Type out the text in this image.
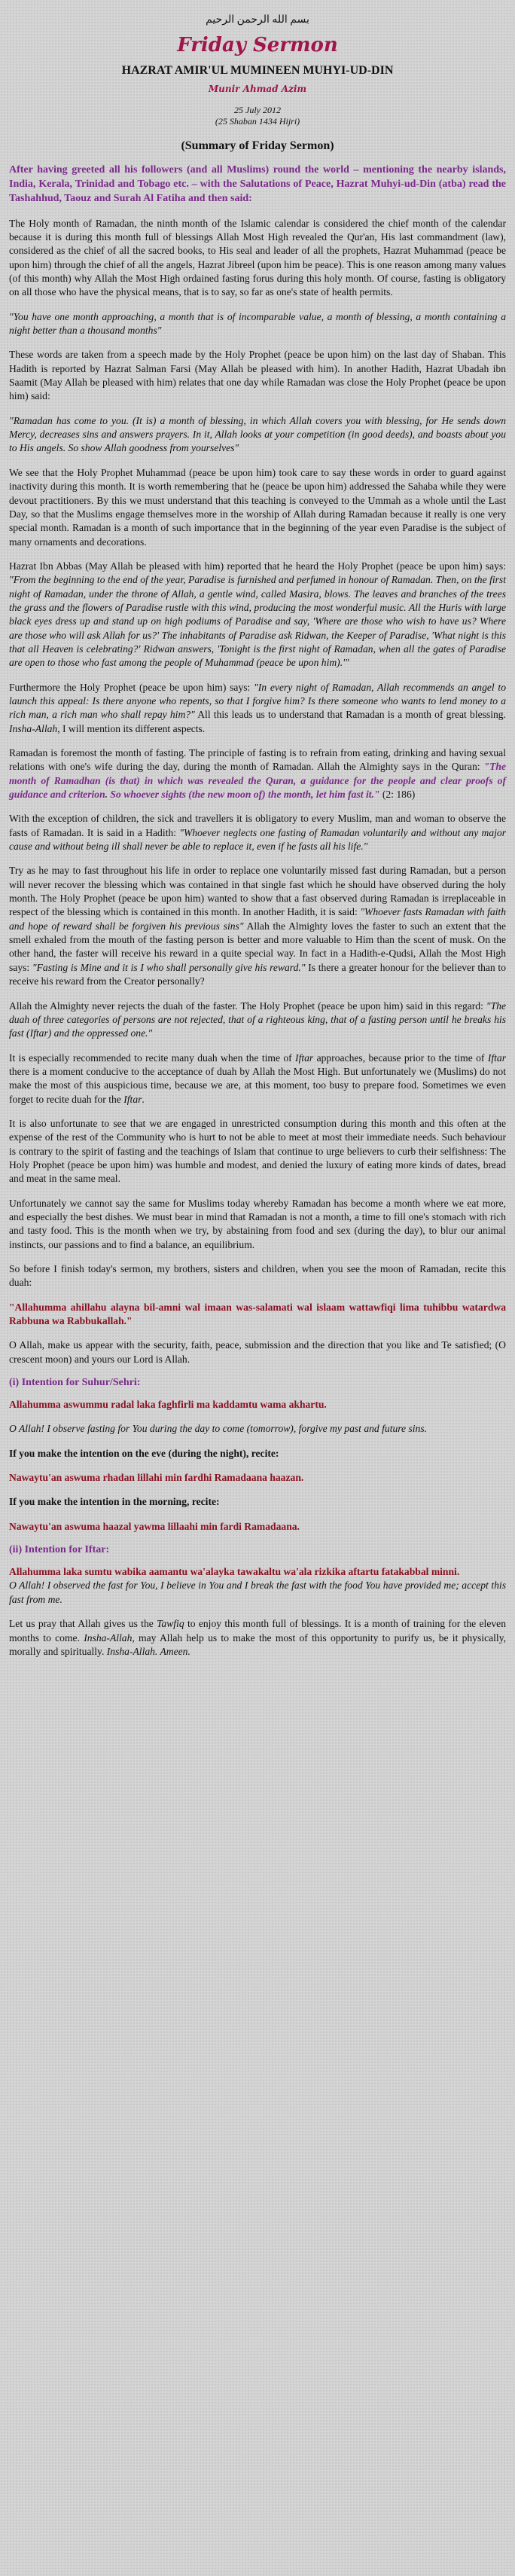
بسم الله الرحمن الرحيم
Friday Sermon
HAZRAT AMIR'UL MUMINEEN MUHYI-UD-DIN
Munir Ahmad Azim
25 July 2012
(25 Shaban 1434 Hijri)
(Summary of Friday Sermon)

After having greeted all his followers (and all Muslims) round the world – mentioning the nearby islands, India, Kerala, Trinidad and Tobago etc. – with the Salutations of Peace, Hazrat Muhyi-ud-Din (atba) read the Tashahhud, Taouz and Surah Al Fatiha and then said:

The Holy month of Ramadan, the ninth month of the Islamic calendar is considered the chief month of the calendar because it is during this month full of blessings Allah Most High revealed the Qur'an, His last commandment (law), considered as the chief of all the sacred books, to His seal and leader of all the prophets, Hazrat Muhammad (peace be upon him) through the chief of all the angels, Hazrat Jibreel (upon him be peace). This is one reason among many values (of this month) why Allah the Most High ordained fasting forus during this holy month. Of course, fasting is obligatory on all those who have the physical means, that is to say, so far as one's state of health permits.

"You have one month approaching, a month that is of incomparable value, a month of blessing, a month containing a night better than a thousand months"

These words are taken from a speech made by the Holy Prophet (peace be upon him) on the last day of Shaban. This Hadith is reported by Hazrat Salman Farsi (May Allah be pleased with him). In another Hadith, Hazrat Ubadah ibn Saamit (May Allah be pleased with him) relates that one day while Ramadan was close the Holy Prophet (peace be upon him) said:

"Ramadan has come to you. (It is) a month of blessing, in which Allah covers you with blessing, for He sends down Mercy, decreases sins and answers prayers. In it, Allah looks at your competition (in good deeds), and boasts about you to His angels. So show Allah goodness from yourselves"

We see that the Holy Prophet Muhammad (peace be upon him) took care to say these words in order to guard against inactivity during this month. It is worth remembering that he (peace be upon him) addressed the Sahaba while they were devout practitioners. By this we must understand that this teaching is conveyed to the Ummah as a whole until the Last Day, so that the Muslims engage themselves more in the worship of Allah during Ramadan because it really is one very special month. Ramadan is a month of such importance that in the beginning of the year even Paradise is the subject of many ornaments and decorations.

Hazrat Ibn Abbas (May Allah be pleased with him) reported that he heard the Holy Prophet (peace be upon him) says: "From the beginning to the end of the year, Paradise is furnished and perfumed in honour of Ramadan. Then, on the first night of Ramadan, under the throne of Allah, a gentle wind, called Masira, blows. The leaves and branches of the trees the grass and the flowers of Paradise rustle with this wind, producing the most wonderful music. All the Huris with large black eyes dress up and stand up on high podiums of Paradise and say, 'Where are those who wish to have us? Where are those who will ask Allah for us?' The inhabitants of Paradise ask Ridwan, the Keeper of Paradise, 'What night is this that all Heaven is celebrating?' Ridwan answers, 'Tonight is the first night of Ramadan, when all the gates of Paradise are open to those who fast among the people of Muhammad (peace be upon him).'"

Furthermore the Holy Prophet (peace be upon him) says: "In every night of Ramadan, Allah recommends an angel to launch this appeal: Is there anyone who repents, so that I forgive him? Is there someone who wants to lend money to a rich man, a rich man who shall repay him?" All this leads us to understand that Ramadan is a month of great blessing. Insha-Allah, I will mention its different aspects.

Ramadan is foremost the month of fasting. The principle of fasting is to refrain from eating, drinking and having sexual relations with one's wife during the day, during the month of Ramadan. Allah the Almighty says in the Quran: "The month of Ramadhan (is that) in which was revealed the Quran, a guidance for the people and clear proofs of guidance and criterion. So whoever sights (the new moon of) the month, let him fast it." (2: 186)

With the exception of children, the sick and travellers it is obligatory to every Muslim, man and woman to observe the fasts of Ramadan. It is said in a Hadith: "Whoever neglects one fasting of Ramadan voluntarily and without any major cause and without being ill shall never be able to replace it, even if he fasts all his life."

Try as he may to fast throughout his life in order to replace one voluntarily missed fast during Ramadan, but a person will never recover the blessing which was contained in that single fast which he should have observed during the holy month. The Holy Prophet (peace be upon him) wanted to show that a fast observed during Ramadan is irreplaceable in respect of the blessing which is contained in this month. In another Hadith, it is said: "Whoever fasts Ramadan with faith and hope of reward shall be forgiven his previous sins" Allah the Almighty loves the faster to such an extent that the smell exhaled from the mouth of the fasting person is better and more valuable to Him than the scent of musk. On the other hand, the faster will receive his reward in a quite special way. In fact in a Hadith-e-Qudsi, Allah the Most High says: "Fasting is Mine and it is I who shall personally give his reward." Is there a greater honour for the believer than to receive his reward from the Creator personally?

Allah the Almighty never rejects the duah of the faster. The Holy Prophet (peace be upon him) said in this regard: "The duah of three categories of persons are not rejected, that of a righteous king, that of a fasting person until he breaks his fast (Iftar) and the oppressed one."

It is especially recommended to recite many duah when the time of Iftar approaches, because prior to the time of Iftar there is a moment conducive to the acceptance of duah by Allah the Most High. But unfortunately we (Muslims) do not make the most of this auspicious time, because we are, at this moment, too busy to prepare food. Sometimes we even forget to recite duah for the Iftar.

It is also unfortunate to see that we are engaged in unrestricted consumption during this month and this often at the expense of the rest of the Community who is hurt to not be able to meet at most their immediate needs. Such behaviour is contrary to the spirit of fasting and the teachings of Islam that continue to urge believers to curb their selfishness: The Holy Prophet (peace be upon him) was humble and modest, and denied the luxury of eating more kinds of dates, bread and meat in the same meal.

Unfortunately we cannot say the same for Muslims today whereby Ramadan has become a month where we eat more, and especially the best dishes. We must bear in mind that Ramadan is not a month, a time to fill one's stomach with rich and tasty food. This is the month when we try, by abstaining from food and sex (during the day), to blur our animal instincts, our passions and to find a balance, an equilibrium.

So before I finish today's sermon, my brothers, sisters and children, when you see the moon of Ramadan, recite this duah:

"Allahumma ahillahu alayna bil-amni wal imaan was-salamati wal islaam wattawfiqi lima tuhibbu watardwa Rabbuna wa Rabbukallah."

O Allah, make us appear with the security, faith, peace, submission and the direction that you like and Te satisfied; (O crescent moon) and yours our Lord is Allah.

(i) Intention for Suhur/Sehri:

Allahumma aswummu radal laka faghfirli ma kaddamtu wama akhartu.

O Allah! I observe fasting for You during the day to come (tomorrow), forgive my past and future sins.

If you make the intention on the eve (during the night), recite:

Nawaytu'an aswuma rhadan lillahi min fardhi Ramadaana haazan.

If you make the intention in the morning, recite:

Nawaytu'an aswuma haazal yawma lillaahi min fardi Ramadaana.

(ii) Intention for Iftar:

Allahumma laka sumtu wabika aamantu wa'alayka tawakaltu wa'ala rizkika aftartu fatakabbal minni.

O Allah! I observed the fast for You, I believe in You and I break the fast with the food You have provided me; accept this fast from me.

Let us pray that Allah gives us the Tawfiq to enjoy this month full of blessings. It is a month of training for the eleven months to come. Insha-Allah, may Allah help us to make the most of this opportunity to purify us, be it physically, morally and spiritually. Insha-Allah. Ameen.
